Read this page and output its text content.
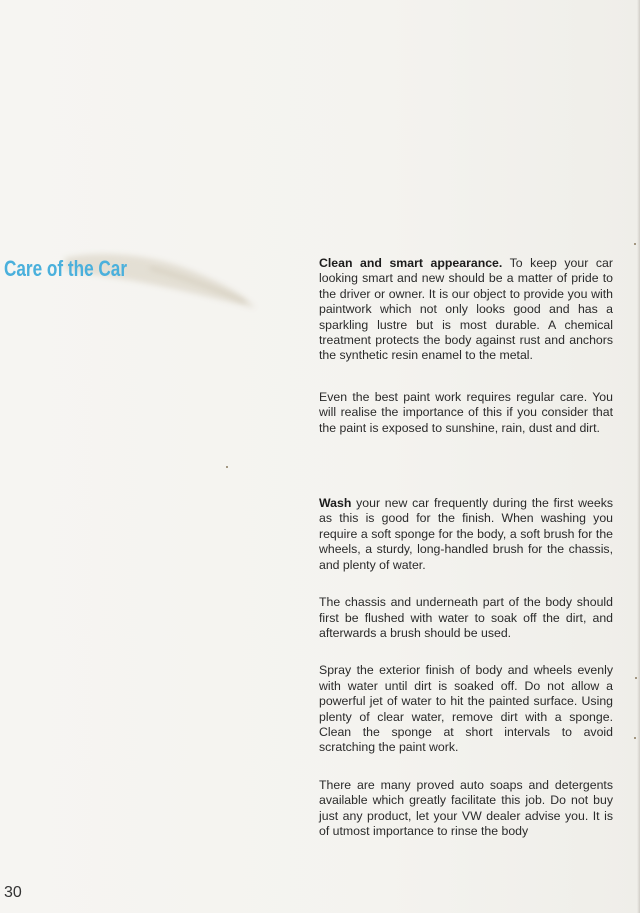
Care of the Car	Clean and smart appearance. To keep your car looking smart and new should be a matter of pride to the driver or owner. It is our object to provide you with paintwork which not only looks good and has a sparkling lustre but is most durable. A chemical treatment protects the body against rust and anchors the synthetic resin enamel to the metal.

Even the best paint work requires regular care. You will realise the importance of this if you consider that the paint is exposed to sunshine, rain, dust and dirt.

Wash your new car frequently during the first weeks as this is good for the finish. When washing you require a soft sponge for the body, a soft brush for the wheels, a sturdy, long-handled brush for the chassis, and plenty of water.

The chassis and underneath part of the body should first be flushed with water to soak off the dirt, and afterwards a brush should be used.

Spray the exterior finish of body and wheels evenly with water until dirt is soaked off. Do not allow a powerful jet of water to hit the painted surface. Using plenty of clear water, remove dirt with a sponge. Clean the sponge at short intervals to avoid scratching the paint work.

There are many proved auto soaps and detergents available which greatly facilitate this job. Do not buy just any product, let your VW dealer advise you. It is of utmost importance to rinse the body

30
